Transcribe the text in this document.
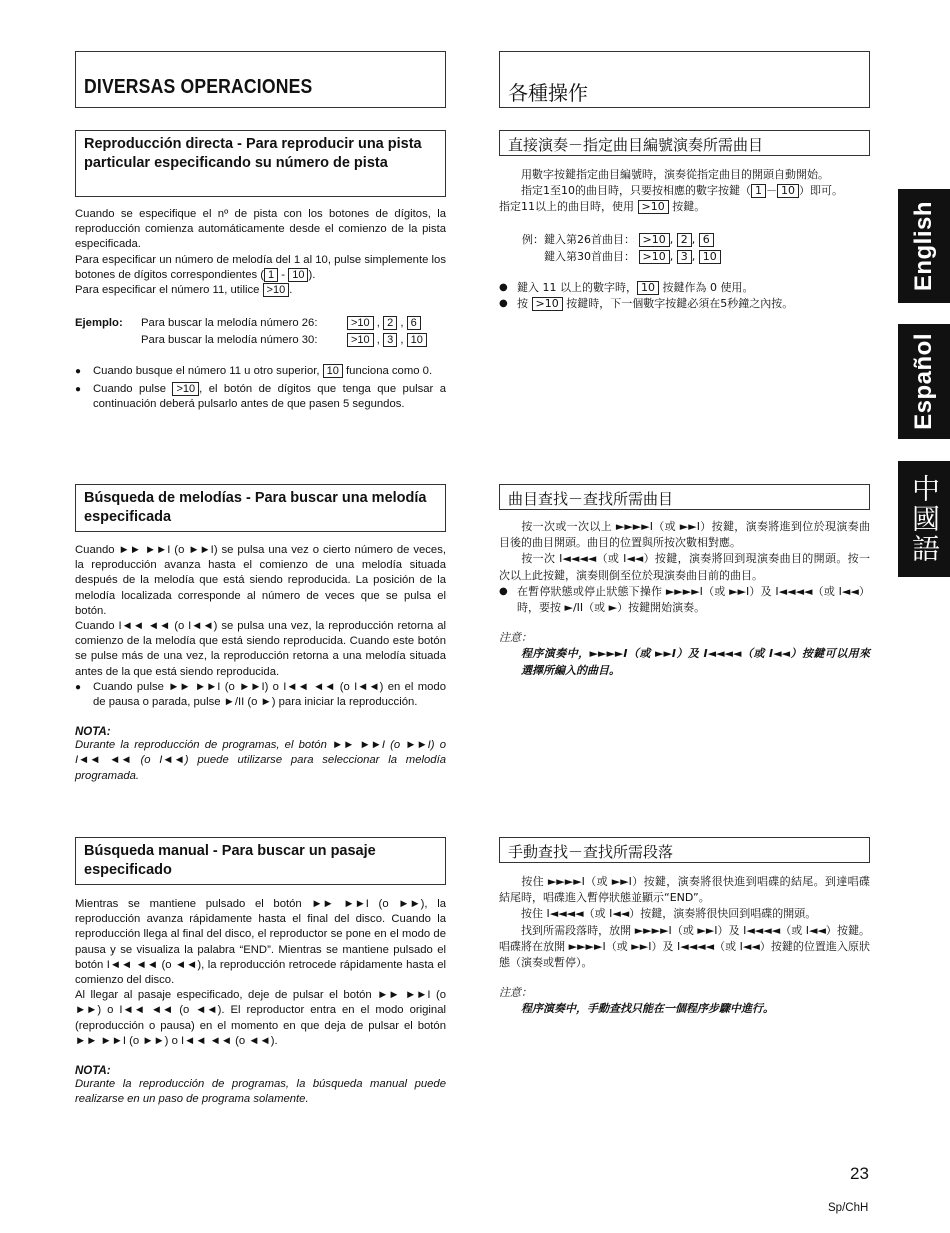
DIVERSAS OPERACIONES
Reproducción directa - Para reproducir una pista particular especificando su número de pista

Cuando se especifique el nº de pista con los botones de dígitos, la reproducción comienza automáticamente desde el comienzo de la pista especificada.

Para especificar un número de melodía del 1 al 10, pulse simplemente los botones de dígitos correspondientes ( 1 - 10 ).

Para especificar el número 11, utilice >10 .

Ejemplo: Para buscar la melodía número 26:	>10 , 2 , 6
Para buscar la melodía número 30:	>10 , 3 , 10

● Cuando busque el número 11 u otro superior, 10 funciona como 0.

● Cuando pulse >10 , el botón de dígitos que tenga que pulsar a continuación deberá pulsarlo antes de que pasen 5 segundos.

Búsqueda de melodías - Para buscar una melodía especificada

Cuando ►► ►►I (o ►►I) se pulsa una vez o cierto número de veces, la reproducción avanza hasta el comienzo de una melodía situada después de la melodía que está siendo reproducida. La posición de la melodía localizada corresponde al número de veces que se pulsa el botón.

Cuando I◄◄ ◄◄ (o I◄◄) se pulsa una vez, la reproducción retorna al comienzo de la melodía que está siendo reproducida. Cuando este botón se pulse más de una vez, la reproducción retorna a una melodía situada antes de la que está siendo reproducida.

● Cuando pulse ►► ►►I (o ►►I) o I◄◄ ◄◄ (o I◄◄) en el modo de pausa o parada, pulse ►/II (o ►) para iniciar la reproducción.

NOTA:

Durante la reproducción de programas, el botón ►► ►►I (o ►►I) o I◄◄ ◄◄ (o I◄◄) puede utilizarse para seleccionar la melodía programada.

Búsqueda manual - Para buscar un pasaje especificado

Mientras se mantiene pulsado el botón ►► ►►I (o ►►), la reproducción avanza rápidamente hasta el final del disco. Cuando la reproducción llega al final del disco, el reproductor se pone en el modo de pausa y se visualiza la palabra “END”. Mientras se mantiene pulsado el botón I◄◄ ◄◄ (o ◄◄), la reproducción retrocede rápidamente hasta el comienzo del disco.

Al llegar al pasaje especificado, deje de pulsar el botón ►► ►►I (o ►►) o I◄◄ ◄◄ (o ◄◄). El reproductor entra en el modo original (reproducción o pausa) en el momento en que deja de pulsar el botón ►► ►►I (o ►►) o I◄◄ ◄◄ (o ◄◄).

NOTA:

Durante la reproducción de programas, la búsqueda manual puede realizarse en un paso de programa solamente.

各種操作
直接演奏－指定曲目編號演奏所需曲目

用數字按鍵指定曲目編號時，演奏從指定曲目的開頭自動開始。

指定1至10的曲目時，只要按相應的數字按鍵（ 1 － 10 ）即可。

指定11以上的曲目時，使用 >10 按鍵。

例：鍵入第26首曲目： >10 , 2 , 6
鍵入第30首曲目： >10 , 3 , 10

● 鍵入 11 以上的數字時， 10 按鍵作為 0 使用。

● 按 >10 按鍵時，下一個數字按鍵必須在5秒鐘之內按。

曲目查找－查找所需曲目

按一次或一次以上 ►►►►I（或 ►►I）按鍵，演奏將進到位於現演奏曲目後的曲目開頭。曲目的位置與所按次數相對應。

按一次 I◄◄◄◄（或 I◄◄）按鍵，演奏將回到現演奏曲目的開頭。按一次以上此按鍵，演奏則倒至位於現演奏曲目前的曲目。

● 在暫停狀態或停止狀態下操作 ►►►►I（或 ►►I）及 I◄◄◄◄（或 I◄◄）時，要按 ►/II（或 ►）按鍵開始演奏。

注意：

程序演奏中，►►►►I（或 ►►I）及 I◄◄◄◄（或 I◄◄）按鍵可以用來選擇所編入的曲目。

手動查找－查找所需段落

按住 ►►►►I（或 ►►I）按鍵，演奏將很快進到唱碟的結尾。到達唱碟結尾時，唱碟進入暫停狀態並顯示“END”。

按住 I◄◄◄◄（或 I◄◄）按鍵，演奏將很快回到唱碟的開頭。

找到所需段落時，放開 ►►►►I（或 ►►I）及 I◄◄◄◄（或 I◄◄）按鍵。唱碟將在放開 ►►►►I（或 ►►I）及 I◄◄◄◄（或 I◄◄）按鍵的位置進入原狀態（演奏或暫停）。

注意：

程序演奏中，手動查找只能在一個程序步驟中進行。

English
Español
中國語
23
Sp/ChH
